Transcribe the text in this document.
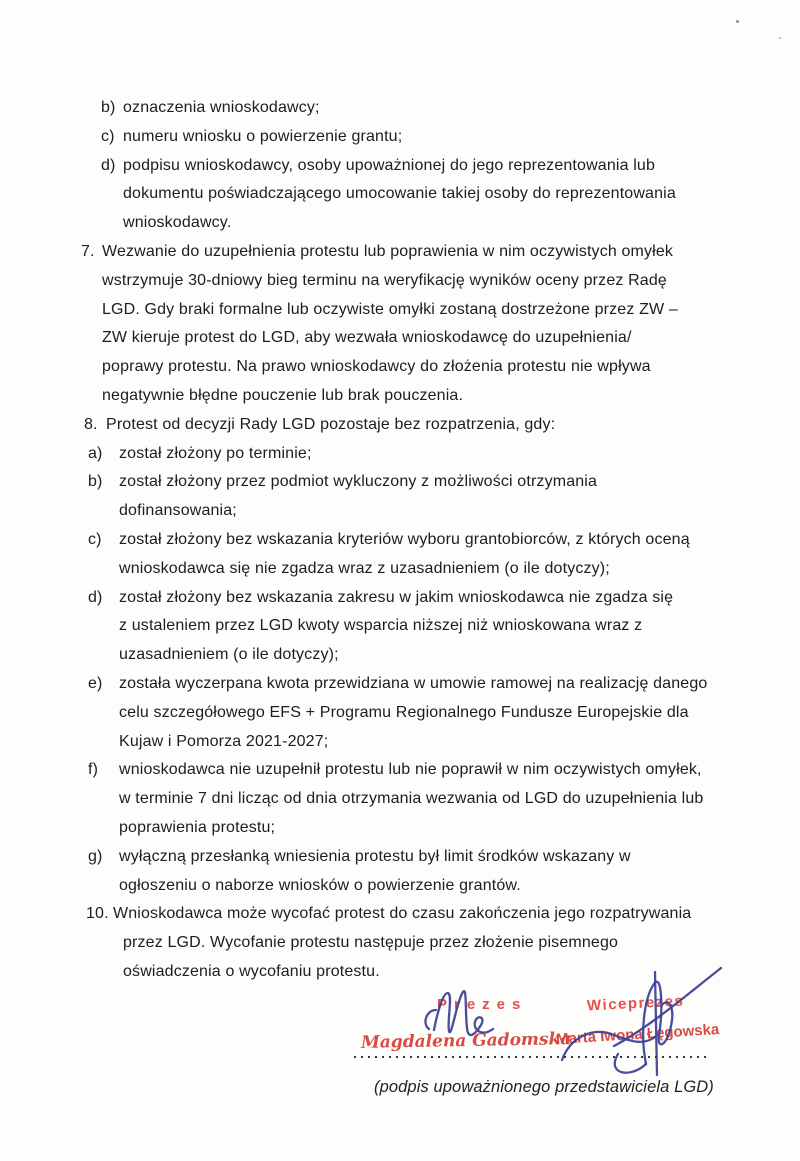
b) oznaczenia wnioskodawcy;
c) numeru wniosku o powierzenie grantu;
d) podpisu wnioskodawcy, osoby upoważnionej do jego reprezentowania lub
dokumentu poświadczającego umocowanie takiej osoby do reprezentowania
wnioskodawcy.
7. Wezwanie do uzupełnienia protestu lub poprawienia w nim oczywistych omyłek
wstrzymuje 30-dniowy bieg terminu na weryfikację wyników oceny przez Radę
LGD. Gdy braki formalne lub oczywiste omyłki zostaną dostrzeżone przez ZW –
ZW kieruje protest do LGD, aby wezwała wnioskodawcę do uzupełnienia/
poprawy protestu. Na prawo wnioskodawcy do złożenia protestu nie wpływa
negatywnie błędne pouczenie lub brak pouczenia.
8. Protest od decyzji Rady LGD pozostaje bez rozpatrzenia, gdy:
a) został złożony po terminie;
b) został złożony przez podmiot wykluczony z możliwości otrzymania
dofinansowania;
c) został złożony bez wskazania kryteriów wyboru grantobiorców, z których oceną
wnioskodawca się nie zgadza wraz z uzasadnieniem (o ile dotyczy);
d) został złożony bez wskazania zakresu w jakim wnioskodawca nie zgadza się
z ustaleniem przez LGD kwoty wsparcia niższej niż wnioskowana wraz z
uzasadnieniem (o ile dotyczy);
e) została wyczerpana kwota przewidziana w umowie ramowej na realizację danego
celu szczegółowego EFS + Programu Regionalnego Fundusze Europejskie dla
Kujaw i Pomorza 2021-2027;
f) wnioskodawca nie uzupełnił protestu lub nie poprawił w nim oczywistych omyłek,
w terminie 7 dni licząc od dnia otrzymania wezwania od LGD do uzupełnienia lub
poprawienia protestu;
g) wyłączną przesłanką wniesienia protestu był limit środków wskazany w
ogłoszeniu o naborze wniosków o powierzenie grantów.
10. Wnioskodawca może wycofać protest do czasu zakończenia jego rozpatrywania
przez LGD. Wycofanie protestu następuje przez złożenie pisemnego
oświadczenia o wycofaniu protestu.
Prezes
Magdalena Gadomska
Wiceprezes
Marta Iwona Łęgowska
(podpis upoważnionego przedstawiciela LGD)
